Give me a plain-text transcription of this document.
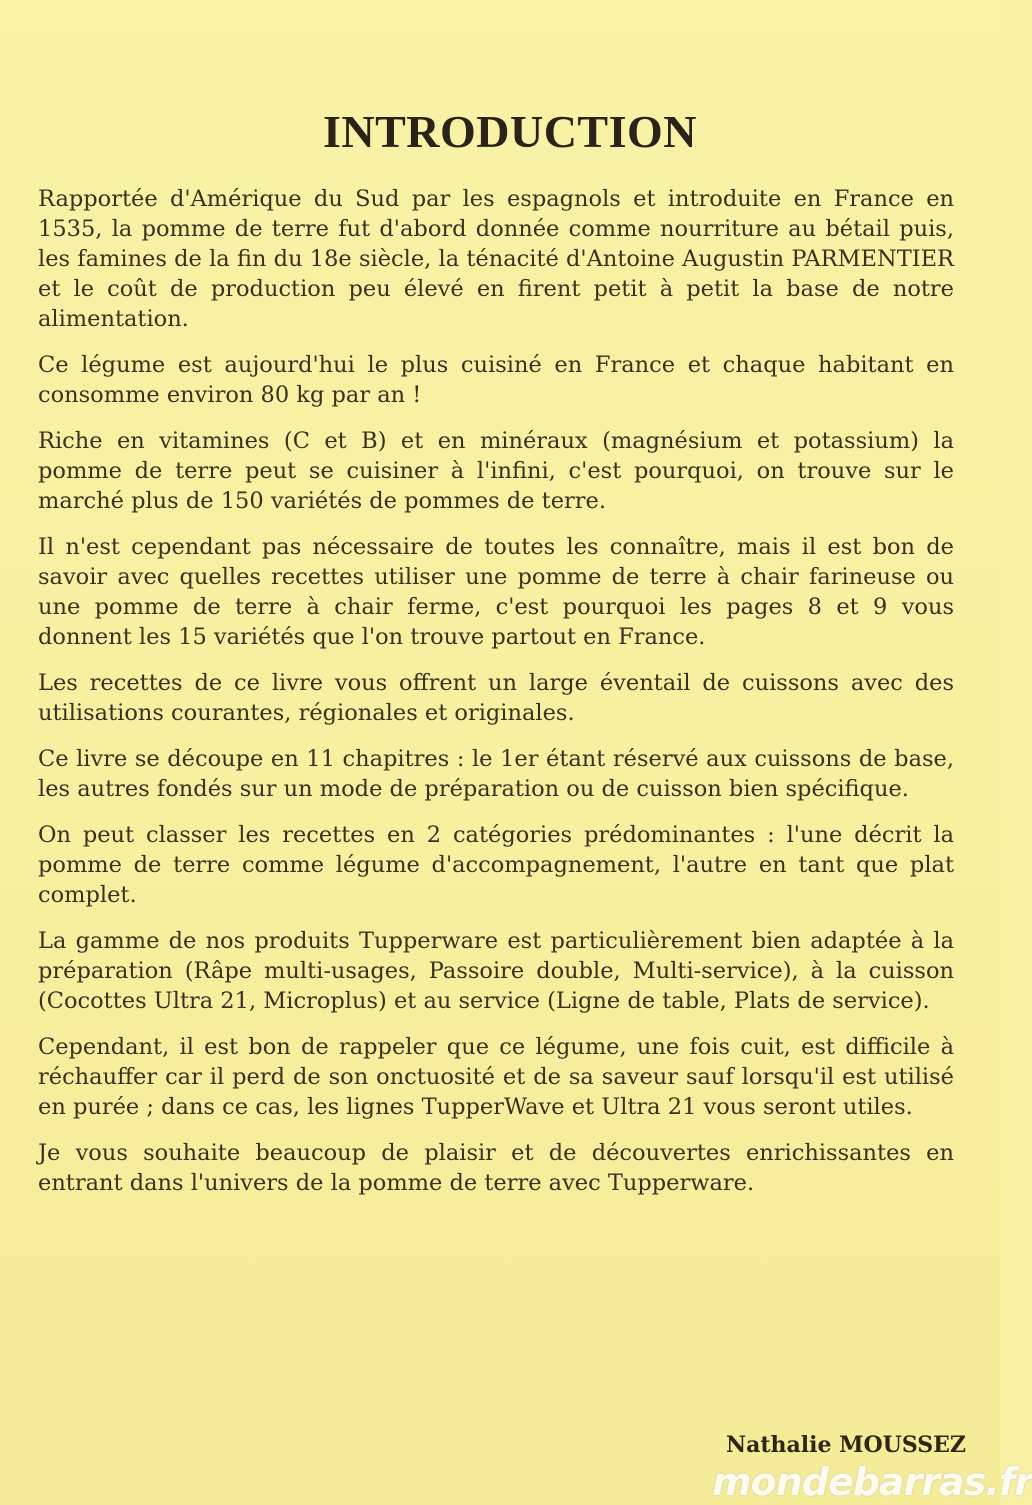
INTRODUCTION

Rapportée d'Amérique du Sud par les espagnols et introduite en France en 1535, la pomme de terre fut d'abord donnée comme nourriture au bétail puis, les famines de la fin du 18e siècle, la ténacité d'Antoine Augustin PARMENTIER et le coût de production peu élevé en firent petit à petit la base de notre alimentation.

Ce légume est aujourd'hui le plus cuisiné en France et chaque habitant en consomme environ 80 kg par an !

Riche en vitamines (C et B) et en minéraux (magnésium et potassium) la pomme de terre peut se cuisiner à l'infini, c'est pourquoi, on trouve sur le marché plus de 150 variétés de pommes de terre.

Il n'est cependant pas nécessaire de toutes les connaître, mais il est bon de savoir avec quelles recettes utiliser une pomme de terre à chair farineuse ou une pomme de terre à chair ferme, c'est pourquoi les pages 8 et 9 vous donnent les 15 variétés que l'on trouve partout en France.

Les recettes de ce livre vous offrent un large éventail de cuissons avec des utilisations courantes, régionales et originales.

Ce livre se découpe en 11 chapitres : le 1er étant réservé aux cuissons de base, les autres fondés sur un mode de préparation ou de cuisson bien spécifique.

On peut classer les recettes en 2 catégories prédominantes : l'une décrit la pomme de terre comme légume d'accompagnement, l'autre en tant que plat complet.

La gamme de nos produits Tupperware est particulièrement bien adaptée à la préparation (Râpe multi-usages, Passoire double, Multi-service), à la cuisson (Cocottes Ultra 21, Microplus) et au service (Ligne de table, Plats de service).

Cependant, il est bon de rappeler que ce légume, une fois cuit, est difficile à réchauffer car il perd de son onctuosité et de sa saveur sauf lorsqu'il est utilisé en purée ; dans ce cas, les lignes TupperWave et Ultra 21 vous seront utiles.

Je vous souhaite beaucoup de plaisir et de découvertes enrichissantes en entrant dans l'univers de la pomme de terre avec Tupperware.

Nathalie MOUSSEZ
mondebarras.fr
